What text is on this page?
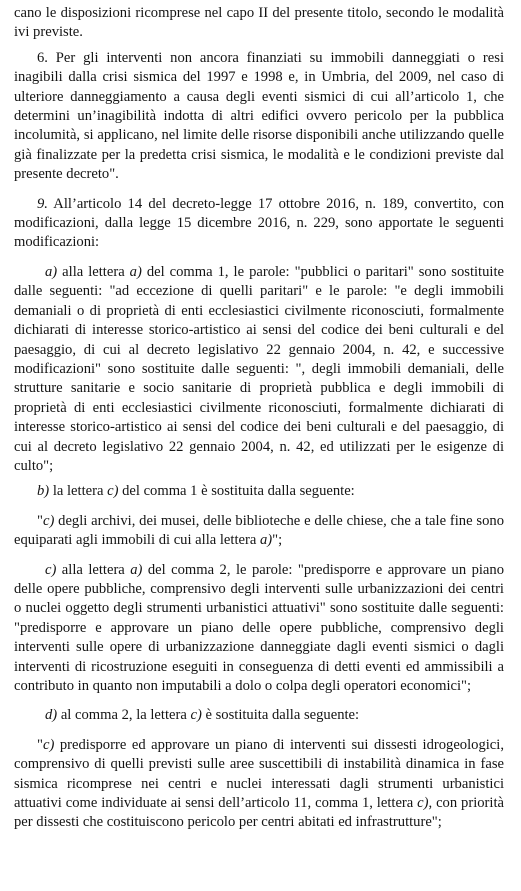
cano le disposizioni ricomprese nel capo II del presente titolo, secondo le modalità ivi previste.

6. Per gli interventi non ancora finanziati su immobili danneggiati o resi inagibili dalla crisi sismica del 1997 e 1998 e, in Umbria, del 2009, nel caso di ulteriore danneggiamento a causa degli eventi sismici di cui all’articolo 1, che determini un’inagibilità indotta di altri edifici ovvero pericolo per la pubblica incolumità, si applicano, nel limite delle risorse disponibili anche utilizzando quelle già finalizzate per la predetta crisi sismica, le modalità e le condizioni previste dal presente decreto".

9. All’articolo 14 del decreto-legge 17 ottobre 2016, n. 189, convertito, con modificazioni, dalla legge 15 dicembre 2016, n. 229, sono apportate le seguenti modificazioni:

a) alla lettera a) del comma 1, le parole: "pubblici o paritari" sono sostituite dalle seguenti: "ad eccezione di quelli paritari" e le parole: "e degli immobili demaniali o di proprietà di enti ecclesiastici civilmente riconosciuti, formalmente dichiarati di interesse storico-artistico ai sensi del codice dei beni culturali e del paesaggio, di cui al decreto legislativo 22 gennaio 2004, n. 42, e successive modificazioni" sono sostituite dalle seguenti: ", degli immobili demaniali, delle strutture sanitarie e socio sanitarie di proprietà pubblica e degli immobili di proprietà di enti ecclesiastici civilmente riconosciuti, formalmente dichiarati di interesse storico-artistico ai sensi del codice dei beni culturali e del paesaggio, di cui al decreto legislativo 22 gennaio 2004, n. 42, ed utilizzati per le esigenze di culto";

b) la lettera c) del comma 1 è sostituita dalla seguente:

"c) degli archivi, dei musei, delle biblioteche e delle chiese, che a tale fine sono equiparati agli immobili di cui alla lettera a)";

c) alla lettera a) del comma 2, le parole: "predisporre e approvare un piano delle opere pubbliche, comprensivo degli interventi sulle urbanizzazioni dei centri o nuclei oggetto degli strumenti urbanistici attuativi" sono sostituite dalle seguenti: "predisporre e approvare un piano delle opere pubbliche, comprensivo degli interventi sulle opere di urbanizzazione danneggiate dagli eventi sismici o dagli interventi di ricostruzione eseguiti in conseguenza di detti eventi ed ammissibili a contributo in quanto non imputabili a dolo o colpa degli operatori economici";

d) al comma 2, la lettera c) è sostituita dalla seguente:

"c) predisporre ed approvare un piano di interventi sui dissesti idrogeologici, comprensivo di quelli previsti sulle aree suscettibili di instabilità dinamica in fase sismica ricomprese nei centri e nuclei interessati dagli strumenti urbanistici attuativi come individuate ai sensi dell’articolo 11, comma 1, lettera c), con priorità per dissesti che costituiscono pericolo per centri abitati ed infrastrutture";
